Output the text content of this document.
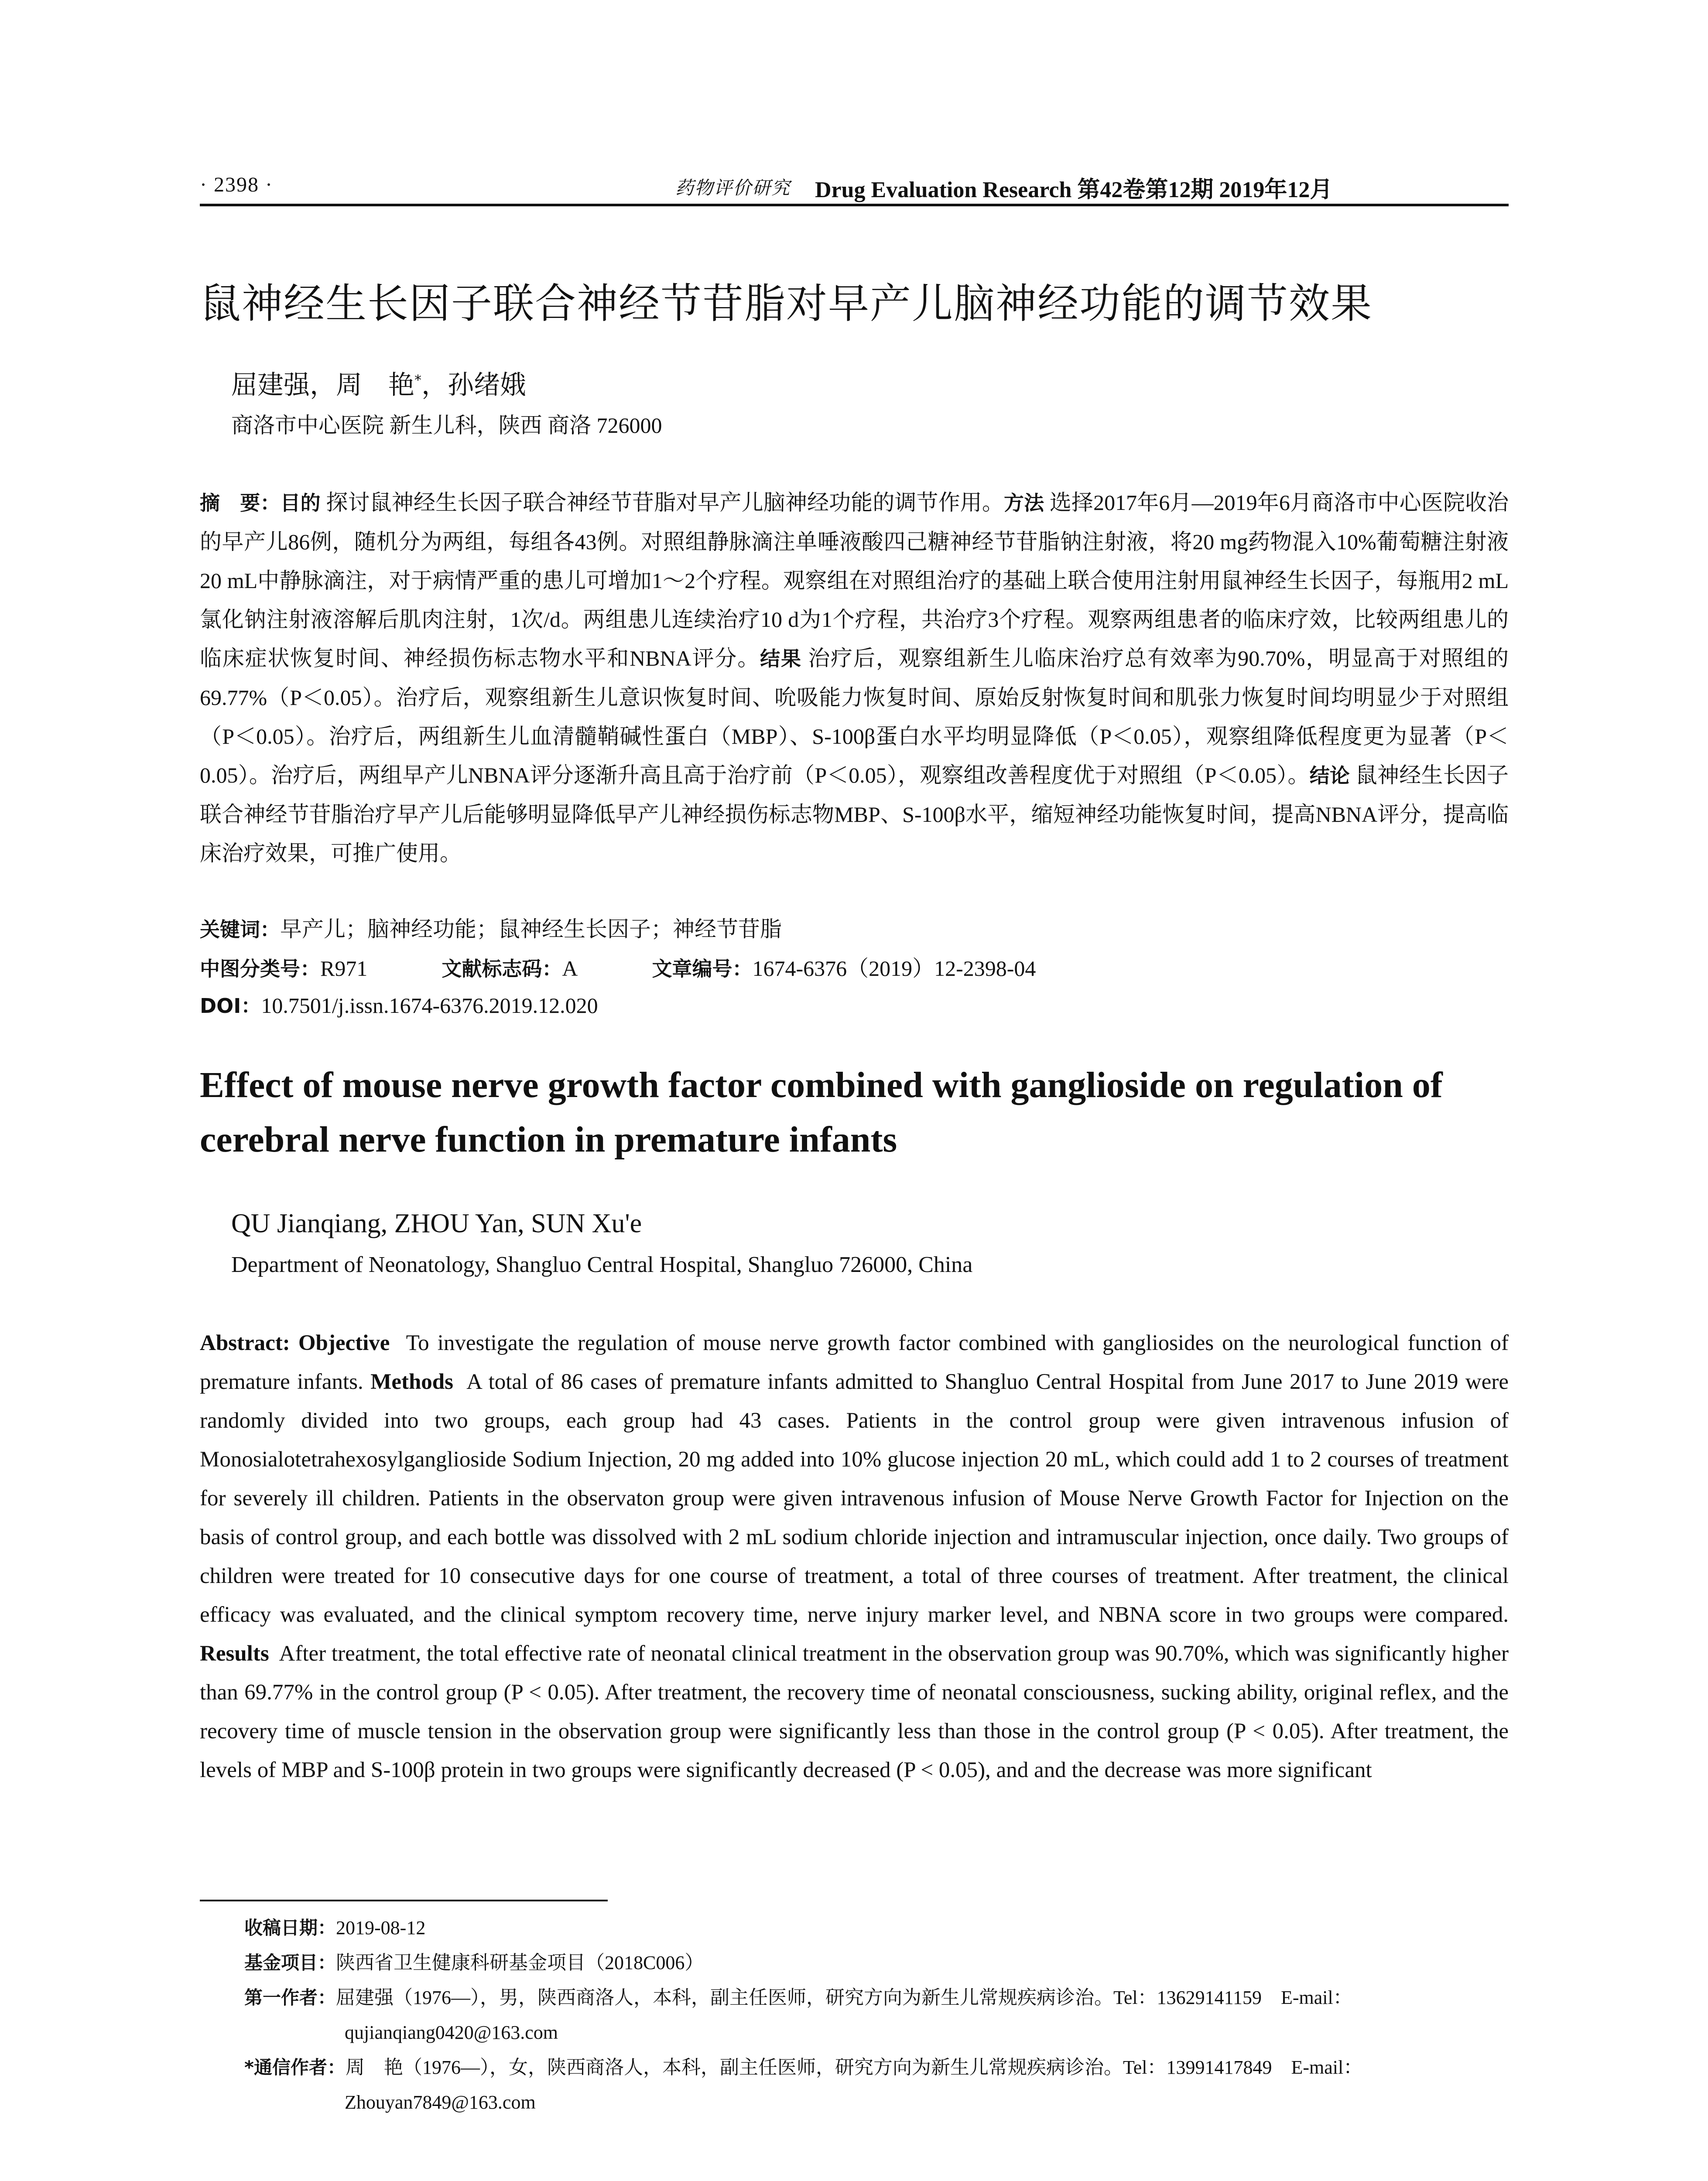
· 2398 ·	药物评价研究 Drug Evaluation Research 第42卷第12期 2019年12月
鼠神经生长因子联合神经节苷脂对早产儿脑神经功能的调节效果
屈建强，周　艳*，孙绪娥
商洛市中心医院 新生儿科，陕西 商洛 726000
摘　要：目的 探讨鼠神经生长因子联合神经节苷脂对早产儿脑神经功能的调节作用。方法 选择2017年6月—2019年6月商洛市中心医院收治的早产儿86例，随机分为两组，每组各43例。对照组静脉滴注单唾液酸四己糖神经节苷脂钠注射液，将20 mg药物混入10%葡萄糖注射液20 mL中静脉滴注，对于病情严重的患儿可增加1～2个疗程。观察组在对照组治疗的基础上联合使用注射用鼠神经生长因子，每瓶用2 mL氯化钠注射液溶解后肌肉注射，1次/d。两组患儿连续治疗10 d为1个疗程，共治疗3个疗程。观察两组患者的临床疗效，比较两组患儿的临床症状恢复时间、神经损伤标志物水平和NBNA评分。结果 治疗后，观察组新生儿临床治疗总有效率为90.70%，明显高于对照组的69.77%（P＜0.05）。治疗后，观察组新生儿意识恢复时间、吮吸能力恢复时间、原始反射恢复时间和肌张力恢复时间均明显少于对照组（P＜0.05）。治疗后，两组新生儿血清髓鞘碱性蛋白（MBP）、S-100β蛋白水平均明显降低（P＜0.05），观察组降低程度更为显著（P＜0.05）。治疗后，两组早产儿NBNA评分逐渐升高且高于治疗前（P＜0.05），观察组改善程度优于对照组（P＜0.05）。结论 鼠神经生长因子联合神经节苷脂治疗早产儿后能够明显降低早产儿神经损伤标志物MBP、S-100β水平，缩短神经功能恢复时间，提高NBNA评分，提高临床治疗效果，可推广使用。
关键词：早产儿；脑神经功能；鼠神经生长因子；神经节苷脂
中图分类号：R971	文献标志码：A	文章编号：1674-6376（2019）12-2398-04
DOI：10.7501/j.issn.1674-6376.2019.12.020
Effect of mouse nerve growth factor combined with ganglioside on regulation of cerebral nerve function in premature infants
QU Jianqiang, ZHOU Yan, SUN Xu'e
Department of Neonatology, Shangluo Central Hospital, Shangluo 726000, China
Abstract: Objective To investigate the regulation of mouse nerve growth factor combined with gangliosides on the neurological function of premature infants. Methods A total of 86 cases of premature infants admitted to Shangluo Central Hospital from June 2017 to June 2019 were randomly divided into two groups, each group had 43 cases. Patients in the control group were given intravenous infusion of Monosialotetrahexosylganglioside Sodium Injection, 20 mg added into 10% glucose injection 20 mL, which could add 1 to 2 courses of treatment for severely ill children. Patients in the observaton group were given intravenous infusion of Mouse Nerve Growth Factor for Injection on the basis of control group, and each bottle was dissolved with 2 mL sodium chloride injection and intramuscular injection, once daily. Two groups of children were treated for 10 consecutive days for one course of treatment, a total of three courses of treatment. After treatment, the clinical efficacy was evaluated, and the clinical symptom recovery time, nerve injury marker level, and NBNA score in two groups were compared. Results After treatment, the total effective rate of neonatal clinical treatment in the observation group was 90.70%, which was significantly higher than 69.77% in the control group (P < 0.05). After treatment, the recovery time of neonatal consciousness, sucking ability, original reflex, and the recovery time of muscle tension in the observation group were significantly less than those in the control group (P < 0.05). After treatment, the levels of MBP and S-100β protein in two groups were significantly decreased (P < 0.05), and and the decrease was more significant
收稿日期：2019-08-12
基金项目：陕西省卫生健康科研基金项目（2018C006）
第一作者：屈建强（1976—），男，陕西商洛人，本科，副主任医师，研究方向为新生儿常规疾病诊治。Tel：13629141159　E-mail：
qujianqiang0420@163.com
*通信作者：周　艳（1976—），女，陕西商洛人，本科，副主任医师，研究方向为新生儿常规疾病诊治。Tel：13991417849　E-mail：
Zhouyan7849@163.com
